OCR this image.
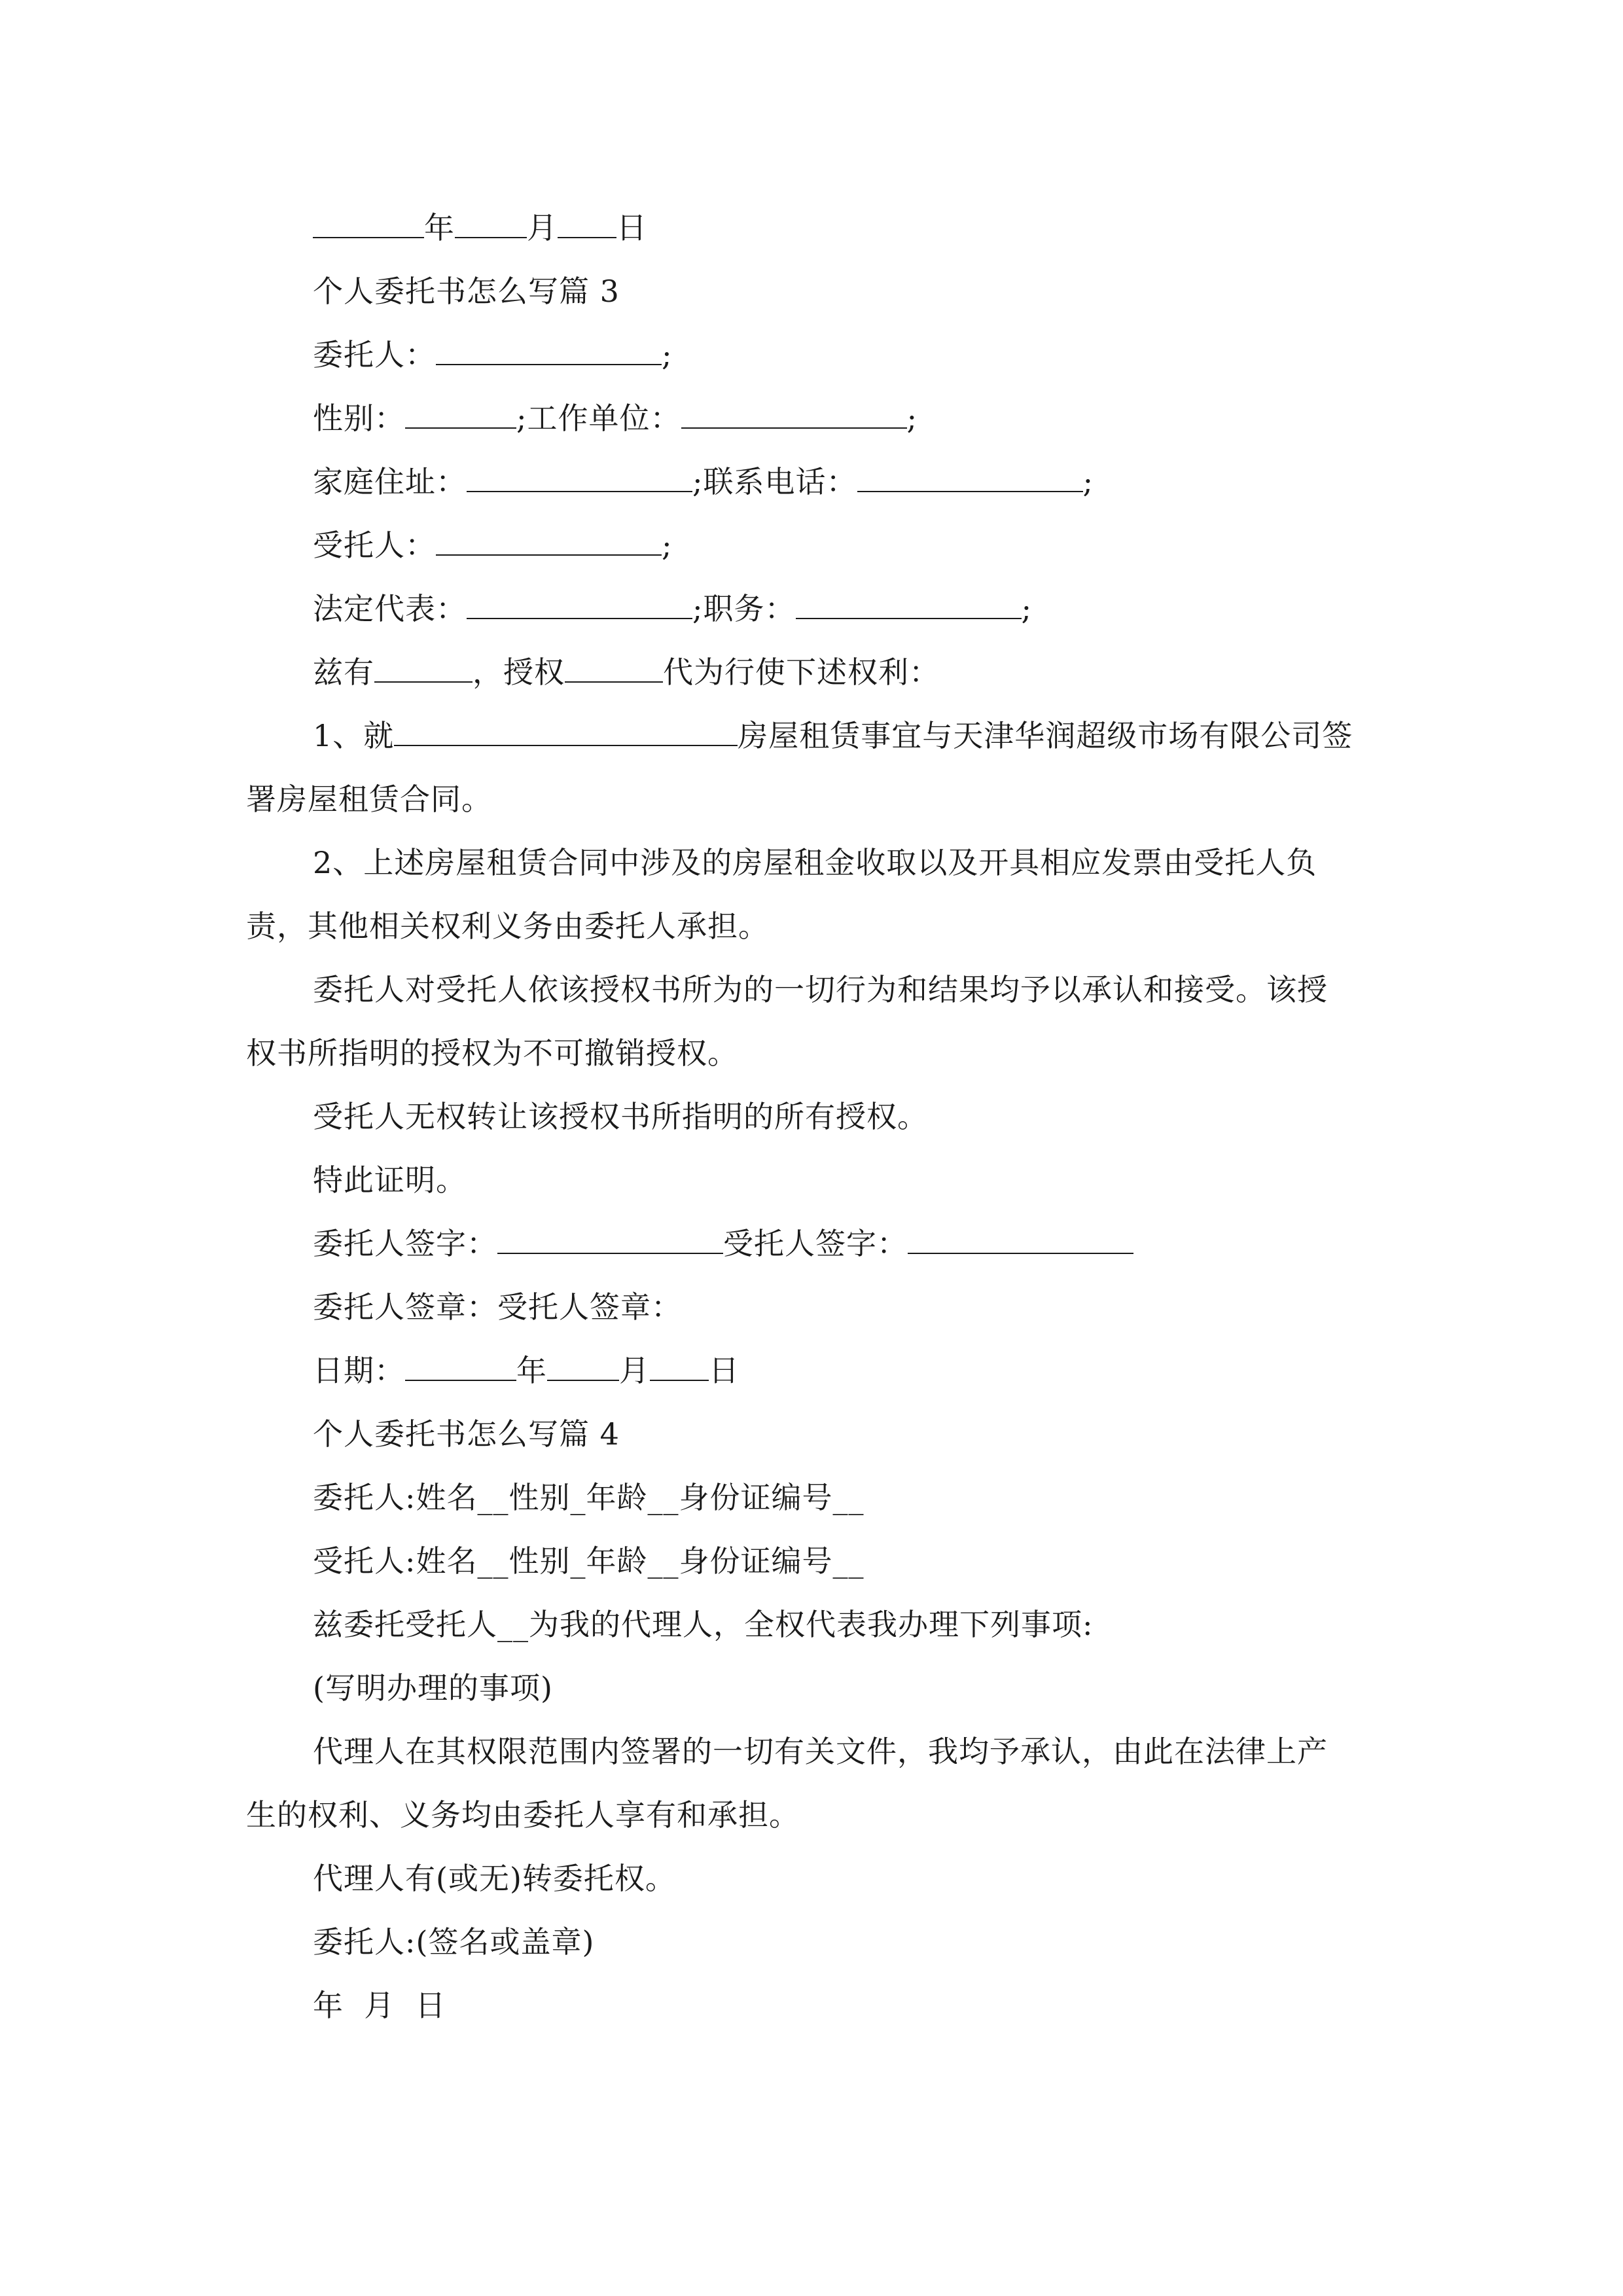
年 月 日
个人委托书怎么写篇 3
委托人：	;
性别：	;工作单位：	;
家庭住址：	;联系电话：	;
受托人：	;
法定代表：	;职务：	;
兹有	，授权	代为行使下述权利：
1、就	房屋租赁事宜与天津华润超级市场有限公司签
署房屋租赁合同。
2、上述房屋租赁合同中涉及的房屋租金收取以及开具相应发票由受托人负
责，其他相关权利义务由委托人承担。
委托人对受托人依该授权书所为的一切行为和结果均予以承认和接受。该授
权书所指明的授权为不可撤销授权。
受托人无权转让该授权书所指明的所有授权。
特此证明。
委托人签字：	受托人签字：
委托人签章：受托人签章：
日期：	年 月 日
个人委托书怎么写篇 4
委托人:姓名__性别_年龄__身份证编号__
受托人:姓名__性别_年龄__身份证编号__
兹委托受托人__为我的代理人，全权代表我办理下列事项:
(写明办理的事项)
代理人在其权限范围内签署的一切有关文件，我均予承认，由此在法律上产
生的权利、义务均由委托人享有和承担。
代理人有(或无)转委托权。
委托人:(签名或盖章)
年  月  日
